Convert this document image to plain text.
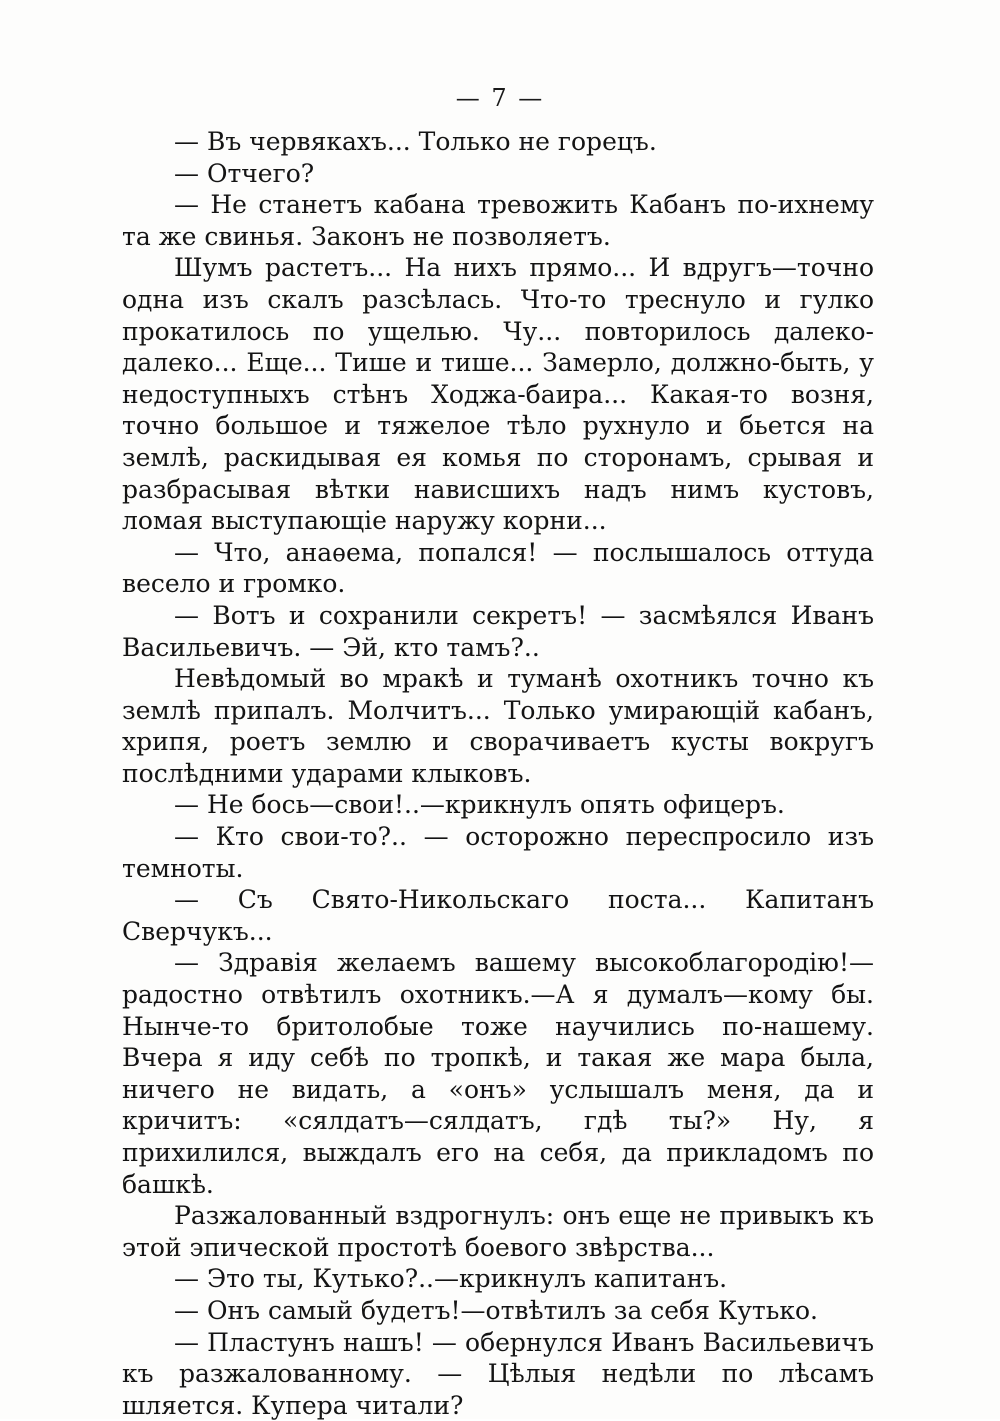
— 7 —

— Въ червякахъ... Только не горецъ.

— Отчего?

— Не станетъ кабана тревожить Кабанъ по-ихнему та же свинья. Законъ не позволяетъ.

Шумъ растетъ... На нихъ прямо... И вдругъ—точно одна изъ скалъ разсѣлась. Что-то треснуло и гулко прокатилось по ущелью. Чу... повторилось далеко-далеко... Еще... Тише и тише... Замерло, должно-быть, у недоступныхъ стѣнъ Ходжа-баира... Какая-то возня, точно большое и тяжелое тѣло рухнуло и бьется на землѣ, раскидывая ея комья по сторонамъ, срывая и разбрасывая вѣтки нависшихъ надъ нимъ кустовъ, ломая выступающіе наружу корни...

— Что, анаѳема, попался! — послышалось оттуда весело и громко.

— Вотъ и сохранили секретъ! — засмѣялся Иванъ Васильевичъ. — Эй, кто тамъ?..

Невѣдомый во мракѣ и туманѣ охотникъ точно къ землѣ припалъ. Молчитъ... Только умирающій кабанъ, хрипя, роетъ землю и сворачиваетъ кусты вокругъ послѣдними ударами клыковъ.

— Не бось—свои!..—крикнулъ опять офицеръ.

— Кто свои-то?.. — осторожно переспросило изъ темноты.

— Съ Свято-Никольскаго поста... Капитанъ Сверчукъ...

— Здравія желаемъ вашему высокоблагородію!—радостно отвѣтилъ охотникъ.—А я думалъ—кому бы. Нынче-то бритолобые тоже научились по-нашему. Вчера я иду себѣ по тропкѣ, и такая же мара была, ничего не видать, а «онъ» услышалъ меня, да и кричитъ: «сялдатъ—сялдатъ, гдѣ ты?» Ну, я прихилился, выждалъ его на себя, да прикладомъ по башкѣ.

Разжалованный вздрогнулъ: онъ еще не привыкъ къ этой эпической простотѣ боевого звѣрства...

— Это ты, Кутько?..—крикнулъ капитанъ.

— Онъ самый будетъ!—отвѣтилъ за себя Кутько.

— Пластунъ нашъ! — обернулся Иванъ Васильевичъ къ разжалованному. — Цѣлыя недѣли по лѣсамъ шляется. Купера читали?
